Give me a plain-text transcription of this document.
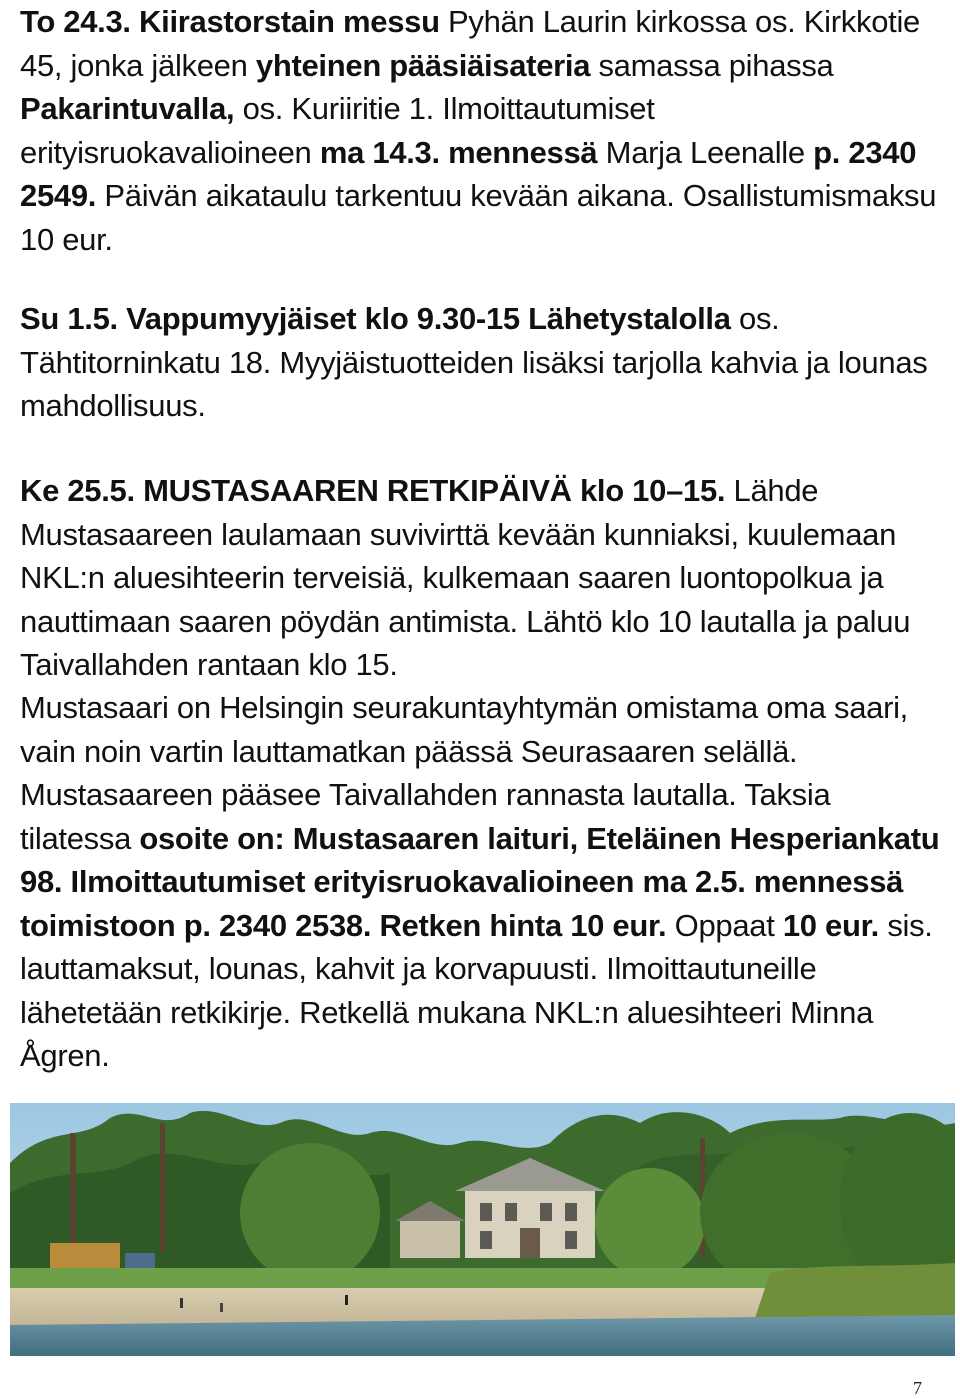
To 24.3. Kiirastorstain messu Pyhän Laurin kirkossa os. Kirkkotie 45, jonka jälkeen yhteinen pääsiäisateria samassa pihassa Pakarintuvalla, os. Kuriiritie 1. Ilmoittautumiset erityisruokavalioineen ma 14.3. mennessä Marja Leenalle p. 2340 2549. Päivän aikataulu tarkentuu kevään aikana. Osallistumismaksu 10 eur.

Su 1.5. Vappumyyjäiset klo 9.30-15 Lähetystalolla os. Tähtitorninkatu 18. Myyjäistuotteiden lisäksi tarjolla kahvia ja lounas mahdollisuus.

Ke 25.5. MUSTASAAREN RETKIPÄIVÄ klo 10–15. Lähde Mustasaareen laulamaan suvivirttä kevään kunniaksi, kuulemaan NKL:n aluesihteerin terveisiä, kulkemaan saaren luontopolkua ja nauttimaan saaren pöydän antimista. Lähtö klo 10 lautalla ja paluu Taivallahden rantaan klo 15.

Mustasaari on Helsingin seurakuntayhtymän omistama oma saari, vain noin vartin lauttamatkan päässä Seurasaaren selällä. Mustasaareen pääsee Taivallahden rannasta lautalla. Taksia tilatessa osoite on: Mustasaaren laituri, Eteläinen Hesperiankatu 98. Ilmoittautumiset erityisruokavalioineen ma 2.5. mennessä toimistoon p. 2340 2538. Retken hinta 10 eur. Oppaat 10 eur. sis. lauttamaksut, lounas, kahvit ja korvapuusti. Ilmoittautuneille lähetetään retkikirje. Retkellä mukana NKL:n aluesihteeri Minna Ågren.

7
